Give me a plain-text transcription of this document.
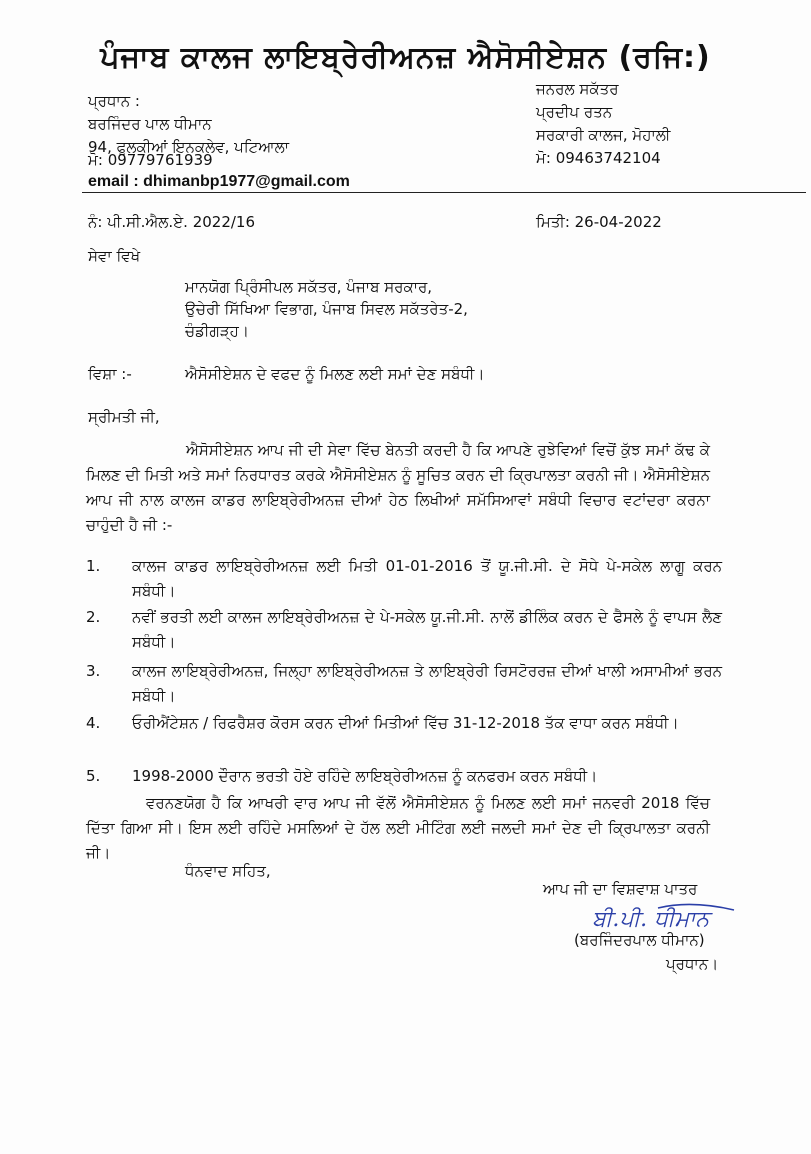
ਪੰਜਾਬ ਕਾਲਜ ਲਾਇਬ੍ਰੇਰੀਅਨਜ਼ ਐਸੋਸੀਏਸ਼ਨ (ਰਜਿ:)
ਪ੍ਰਧਾਨ :
ਬਰਜਿੰਦਰ ਪਾਲ ਧੀਮਾਨ
94, ਫੁਲਕੀਆਂ ਇਨਕਲੇਵ, ਪਟਿਆਲਾ
ਮੋ: 09779761939
email : dhimanbp1977@gmail.com
ਜਨਰਲ ਸਕੱਤਰ
ਪ੍ਰਦੀਪ ਰਤਨ
ਸਰਕਾਰੀ ਕਾਲਜ, ਮੋਹਾਲੀ
ਮੋ: 09463742104
ਨੰ: ਪੀ.ਸੀ.ਐਲ.ਏ. 2022/16	ਮਿਤੀ: 26-04-2022
ਸੇਵਾ ਵਿਖੇ
ਮਾਨਯੋਗ ਪ੍ਰਿੰਸੀਪਲ ਸਕੱਤਰ, ਪੰਜਾਬ ਸਰਕਾਰ,
ਉਚੇਰੀ ਸਿੱਖਿਆ ਵਿਭਾਗ, ਪੰਜਾਬ ਸਿਵਲ ਸਕੱਤਰੇਤ-2,
ਚੰਡੀਗੜ੍ਹ।
ਵਿਸ਼ਾ :-	ਐਸੋਸੀਏਸ਼ਨ ਦੇ ਵਫਦ ਨੂੰ ਮਿਲਣ ਲਈ ਸਮਾਂ ਦੇਣ ਸਬੰਧੀ।
ਸ੍ਰੀਮਤੀ ਜੀ,
ਐਸੋਸੀਏਸ਼ਨ ਆਪ ਜੀ ਦੀ ਸੇਵਾ ਵਿੱਚ ਬੇਨਤੀ ਕਰਦੀ ਹੈ ਕਿ ਆਪਣੇ ਰੁਝੇਵਿਆਂ ਵਿਚੋਂ ਕੁੱਝ ਸਮਾਂ ਕੱਢ ਕੇ ਮਿਲਣ ਦੀ ਮਿਤੀ ਅਤੇ ਸਮਾਂ ਨਿਰਧਾਰਤ ਕਰਕੇ ਐਸੋਸੀਏਸ਼ਨ ਨੂੰ ਸੂਚਿਤ ਕਰਨ ਦੀ ਕ੍ਰਿਪਾਲਤਾ ਕਰਨੀ ਜੀ। ਐਸੋਸੀਏਸ਼ਨ ਆਪ ਜੀ ਨਾਲ ਕਾਲਜ ਕਾਡਰ ਲਾਇਬ੍ਰੇਰੀਅਨਜ਼ ਦੀਆਂ ਹੇਠ ਲਿਖੀਆਂ ਸਮੱਸਿਆਵਾਂ ਸਬੰਧੀ ਵਿਚਾਰ ਵਟਾਂਦਰਾ ਕਰਨਾ ਚਾਹੁੰਦੀ ਹੈ ਜੀ :-
1. ਕਾਲਜ ਕਾਡਰ ਲਾਇਬ੍ਰੇਰੀਅਨਜ਼ ਲਈ ਮਿਤੀ 01-01-2016 ਤੋਂ ਯੂ.ਜੀ.ਸੀ. ਦੇ ਸੋਧੇ ਪੇ-ਸਕੇਲ ਲਾਗੂ ਕਰਨ ਸਬੰਧੀ।
2. ਨਵੀਂ ਭਰਤੀ ਲਈ ਕਾਲਜ ਲਾਇਬ੍ਰੇਰੀਅਨਜ਼ ਦੇ ਪੇ-ਸਕੇਲ ਯੂ.ਜੀ.ਸੀ. ਨਾਲੋਂ ਡੀਲਿੰਕ ਕਰਨ ਦੇ ਫੈਸਲੇ ਨੂੰ ਵਾਪਸ ਲੈਣ ਸਬੰਧੀ।
3. ਕਾਲਜ ਲਾਇਬ੍ਰੇਰੀਅਨਜ਼, ਜਿਲ੍ਹਾ ਲਾਇਬ੍ਰੇਰੀਅਨਜ਼ ਤੇ ਲਾਇਬ੍ਰੇਰੀ ਰਿਸਟੋਰਰਜ਼ ਦੀਆਂ ਖਾਲੀ ਅਸਾਮੀਆਂ ਭਰਨ ਸਬੰਧੀ।
4. ਓਰੀਐਂਟੇਸ਼ਨ / ਰਿਫਰੈਸ਼ਰ ਕੋਰਸ ਕਰਨ ਦੀਆਂ ਮਿਤੀਆਂ ਵਿੱਚ 31-12-2018 ਤੱਕ ਵਾਧਾ ਕਰਨ ਸਬੰਧੀ।
5. 1998-2000 ਦੌਰਾਨ ਭਰਤੀ ਹੋਏ ਰਹਿੰਦੇ ਲਾਇਬ੍ਰੇਰੀਅਨਜ਼ ਨੂੰ ਕਨਫਰਮ ਕਰਨ ਸਬੰਧੀ।
ਵਰਨਣਯੋਗ ਹੈ ਕਿ ਆਖਰੀ ਵਾਰ ਆਪ ਜੀ ਵੱਲੋਂ ਐਸੋਸੀਏਸ਼ਨ ਨੂੰ ਮਿਲਣ ਲਈ ਸਮਾਂ ਜਨਵਰੀ 2018 ਵਿੱਚ ਦਿੱਤਾ ਗਿਆ ਸੀ। ਇਸ ਲਈ ਰਹਿੰਦੇ ਮਸਲਿਆਂ ਦੇ ਹੱਲ ਲਈ ਮੀਟਿੰਗ ਲਈ ਜਲਦੀ ਸਮਾਂ ਦੇਣ ਦੀ ਕ੍ਰਿਪਾਲਤਾ ਕਰਨੀ ਜੀ।
ਧੰਨਵਾਦ ਸਹਿਤ,
ਆਪ ਜੀ ਦਾ ਵਿਸ਼ਵਾਸ਼ ਪਾਤਰ
ਬੀ.ਪੀ. ਧੀਮਾਨ
(ਬਰਜਿੰਦਰਪਾਲ ਧੀਮਾਨ)
ਪ੍ਰਧਾਨ।
